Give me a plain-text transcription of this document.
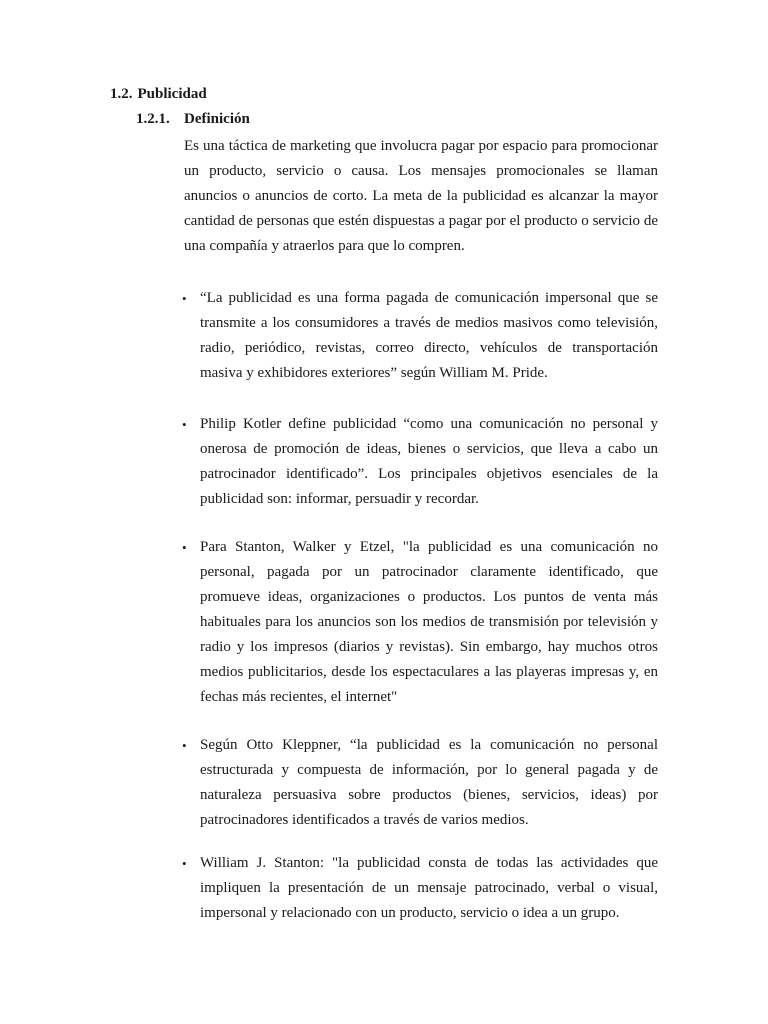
1.2. Publicidad
1.2.1. Definición
Es una táctica de marketing que involucra pagar por espacio para promocionar un producto, servicio o causa. Los mensajes promocionales se llaman anuncios o anuncios de corto. La meta de la publicidad es alcanzar la mayor cantidad de personas que estén dispuestas a pagar por el producto o servicio de una compañía y atraerlos para que lo compren.
• “La publicidad es una forma pagada de comunicación impersonal que se transmite a los consumidores a través de medios masivos como televisión, radio, periódico, revistas, correo directo, vehículos de transportación masiva y exhibidores exteriores” según William M. Pride.
• Philip Kotler define publicidad “como una comunicación no personal y onerosa de promoción de ideas, bienes o servicios, que lleva a cabo un patrocinador identificado”. Los principales objetivos esenciales de la publicidad son: informar, persuadir y recordar.
• Para Stanton, Walker y Etzel, "la publicidad es una comunicación no personal, pagada por un patrocinador claramente identificado, que promueve ideas, organizaciones o productos. Los puntos de venta más habituales para los anuncios son los medios de transmisión por televisión y radio y los impresos (diarios y revistas). Sin embargo, hay muchos otros medios publicitarios, desde los espectaculares a las playeras impresas y, en fechas más recientes, el internet"
• Según Otto Kleppner, “la publicidad es la comunicación no personal estructurada y compuesta de información, por lo general pagada y de naturaleza persuasiva sobre productos (bienes, servicios, ideas) por patrocinadores identificados a través de varios medios.
• William J. Stanton: "la publicidad consta de todas las actividades que impliquen la presentación de un mensaje patrocinado, verbal o visual, impersonal y relacionado con un producto, servicio o idea a un grupo.
